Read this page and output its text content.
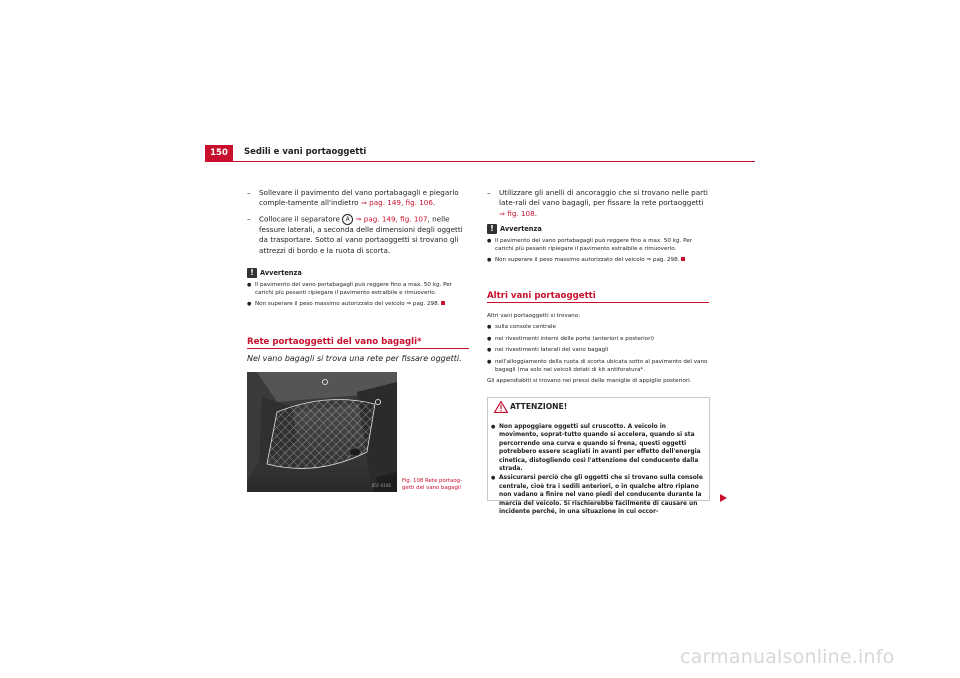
150	Sedili e vani portaoggetti
– Sollevare il pavimento del vano portabagagli e piegarlo comple-tamente all'indietro ⇒ pag. 149, fig. 106.
– Collocare il separatore A ⇒ pag. 149, fig. 107, nelle fessure laterali, a seconda delle dimensioni degli oggetti da trasportare. Sotto al vano portaoggetti si trovano gli attrezzi di bordo e la ruota di scorta.
! Avvertenza
● Il pavimento del vano portabagagli può reggere fino a max. 50 kg. Per carichi più pesanti ripiegare il pavimento estraibile e rimuoverlo.
● Non superare il peso massimo autorizzato del veicolo ⇒ pag. 298.
Rete portaoggetti del vano bagagli*
Nel vano bagagli si trova una rete per fissare oggetti.
B5F-0166
Fig. 108 Rete portaog-
getti del vano bagagli
– Utilizzare gli anelli di ancoraggio che si trovano nelle parti late-rali del vano bagagli, per fissare la rete portaoggetti ⇒ fig. 108.
! Avvertenza
● Il pavimento del vano portabagagli può reggere fino a max. 50 kg. Per carichi più pesanti ripiegare il pavimento estraibile e rimuoverlo.
● Non superare il peso massimo autorizzato del veicolo ⇒ pag. 298.
Altri vani portaoggetti
Altri vani portaoggetti si trovano:
● sulla console centrale
● nei rivestimenti interni delle porte (anteriori e posteriori)
● nei rivestimenti laterali del vano bagagli
● nell'alloggiamento della ruota di scorta ubicata sotto al pavimento del vano bagagli (ma solo nei veicoli dotati di kit antiforatura*.
Gli appendiabiti si trovano nei pressi delle maniglie di appiglio posteriori.
ATTENZIONE!
● Non appoggiare oggetti sul cruscotto. A veicolo in movimento, soprat-tutto quando si accelera, quando si sta percorrendo una curva e quando si frena, questi oggetti potrebbero essere scagliati in avanti per effetto dell'energia cinetica, distogliendo così l'attenzione del conducente dalla strada.
● Assicurarsi perciò che gli oggetti che si trovano sulla console centrale, cioè tra i sedili anteriori, o in qualche altro ripiano non vadano a finire nel vano piedi del conducente durante la marcia del veicolo. Si rischierebbe facilmente di causare un incidente perché, in una situazione in cui occor-
carmanualsonline.info
